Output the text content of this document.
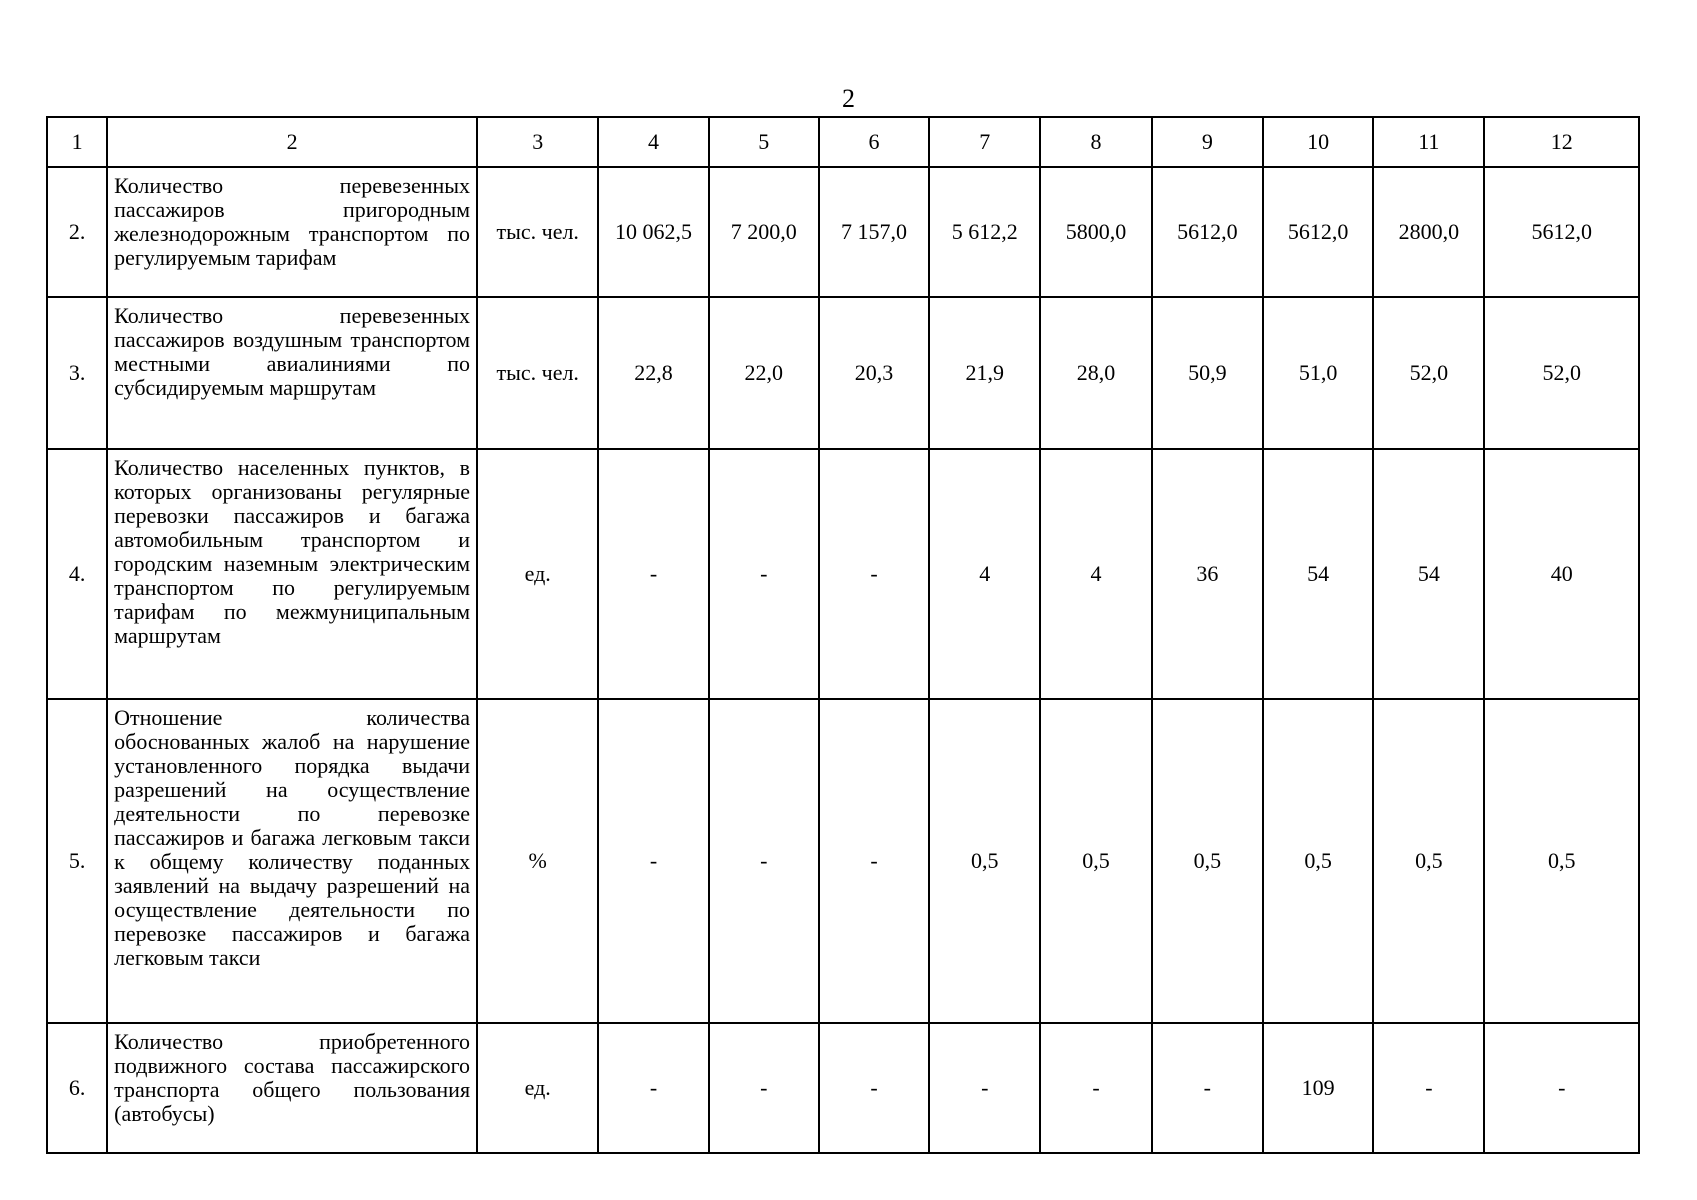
2
1	2	3	4	5	6	7	8	9	10	11	12
2.	Количество перевезенных пассажиров пригородным железнодорожным транспортом по регулируемым тарифам	тыс. чел.	10 062,5	7 200,0	7 157,0	5 612,2	5800,0	5612,0	5612,0	2800,0	5612,0
3.	Количество перевезенных пассажиров воздушным транспортом местными авиалиниями по субсидируемым маршрутам	тыс. чел.	22,8	22,0	20,3	21,9	28,0	50,9	51,0	52,0	52,0
4.	Количество населенных пунктов, в которых организованы регулярные перевозки пассажиров и багажа автомобильным транспортом и городским наземным электрическим транспортом по регулируемым тарифам по межмуниципальным маршрутам	ед.	-	-	-	4	4	36	54	54	40
5.	Отношение количества обоснованных жалоб на нарушение установленного порядка выдачи разрешений на осуществление деятельности по перевозке пассажиров и багажа легковым такси к общему количеству поданных заявлений на выдачу разрешений на осуществление деятельности по перевозке пассажиров и багажа легковым такси	%	-	-	-	0,5	0,5	0,5	0,5	0,5	0,5
6.	Количество приобретенного подвижного состава пассажирского транспорта общего пользования (автобусы)	ед.	-	-	-	-	-	-	109	-	-
